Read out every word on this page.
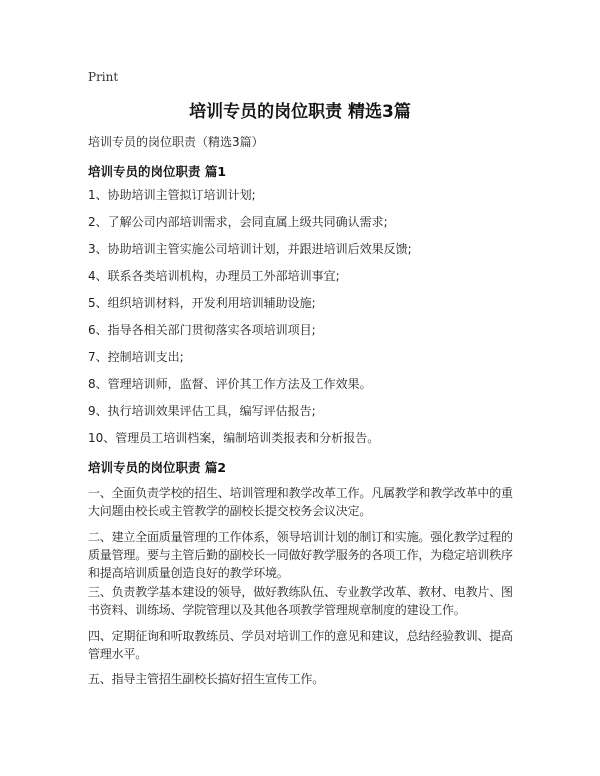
Print
培训专员的岗位职责 精选3篇
培训专员的岗位职责（精选3篇）
培训专员的岗位职责 篇1
1、协助培训主管拟订培训计划;
2、了解公司内部培训需求，会同直属上级共同确认需求;
3、协助培训主管实施公司培训计划，并跟进培训后效果反馈;
4、联系各类培训机构，办理员工外部培训事宜;
5、组织培训材料，开发利用培训辅助设施;
6、指导各相关部门贯彻落实各项培训项目;
7、控制培训支出;
8、管理培训师，监督、评价其工作方法及工作效果。
9、执行培训效果评估工具，编写评估报告;
10、管理员工培训档案，编制培训类报表和分析报告。
培训专员的岗位职责 篇2
一、全面负责学校的招生、培训管理和教学改革工作。凡属教学和教学改革中的重大问题由校长或主管教学的副校长提交校务会议决定。
二、建立全面质量管理的工作体系，领导培训计划的制订和实施。强化教学过程的质量管理。要与主管后勤的副校长一同做好教学服务的各项工作，为稳定培训秩序和提高培训质量创造良好的教学环境。
三、负责教学基本建设的领导，做好教练队伍、专业教学改革、教材、电教片、图书资料、训练场、学院管理以及其他各项教学管理规章制度的建设工作。
四、定期征询和听取教练员、学员对培训工作的意见和建议，总结经验教训、提高管理水平。
五、指导主管招生副校长搞好招生宣传工作。
